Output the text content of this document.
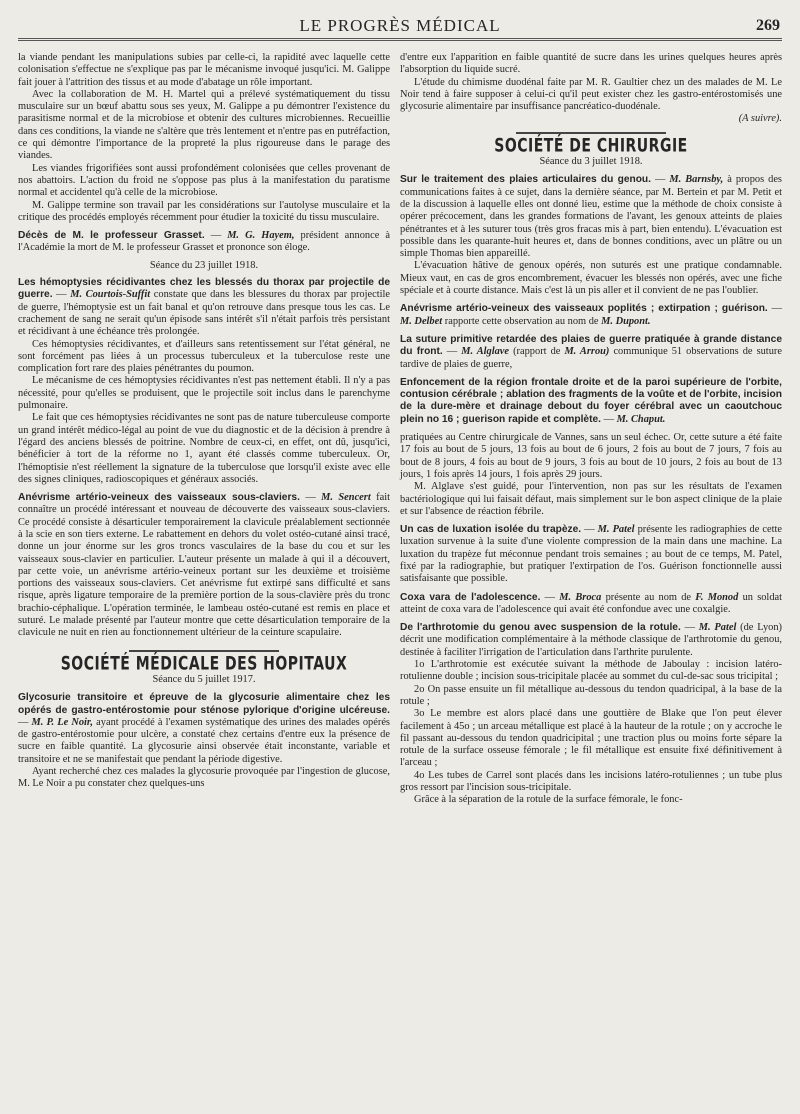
LE PROGRÈS MÉDICAL	269

la viande pendant les manipulations subies par celle-ci, la rapidité avec laquelle cette colonisation s'effectue ne s'explique pas par le mécanisme invoqué jusqu'ici. M. Galippe fait jouer à l'attrition des tissus et au mode d'abatage un rôle important.

Avec la collaboration de M. H. Martel qui a prélevé systématiquement du tissu musculaire sur un bœuf abattu sous ses yeux, M. Galippe a pu démontrer l'existence du parasitisme normal et de la microbiose et obtenir des cultures microbiennes. Recueillie dans ces conditions, la viande ne s'altère que très lentement et n'entre pas en putréfaction, ce qui démontre l'importance de la propreté la plus rigoureuse dans le parage des viandes.

Les viandes frigorifiées sont aussi profondément colonisées que celles provenant de nos abattoirs. L'action du froid ne s'oppose pas plus à la manifestation du paratisme normal et accidentel qu'à celle de la microbiose.

M. Galippe termine son travail par les considérations sur l'autolyse musculaire et la critique des procédés employés récemment pour étudier la toxicité du tissu musculaire.

Décès de M. le professeur Grasset. — M. G. Hayem, président annonce à l'Académie la mort de M. le professeur Grasset et prononce son éloge.

Séance du 23 juillet 1918.

Les hémoptysies récidivantes chez les blessés du thorax par projectile de guerre. — M. Courtois-Suffit constate que dans les blessures du thorax par projectile de guerre, l'hémoptysie est un fait banal et qu'on retrouve dans presque tous les cas. Le crachement de sang ne serait qu'un épisode sans intérêt s'il n'était parfois très persistant et récidivant à une échéance très prolongée.

Ces hémoptysies récidivantes, et d'ailleurs sans retentissement sur l'état général, ne sont forcément pas liées à un processus tuberculeux et la tuberculose reste une complication fort rare des plaies pénétrantes du poumon.

Le mécanisme de ces hémoptysies récidivantes n'est pas nettement établi. Il n'y a pas nécessité, pour qu'elles se produisent, que le projectile soit inclus dans le parenchyme pulmonaire.

Le fait que ces hémoptysies récidivantes ne sont pas de nature tuberculeuse comporte un grand intérêt médico-légal au point de vue du diagnostic et de la décision à prendre à l'égard des anciens blessés de poitrine. Nombre de ceux-ci, en effet, ont dû, jusqu'ici, bénéficier à tort de la réforme no 1, ayant été classés comme tuberculeux. Or, l'hémoptisie n'est réellement la signature de la tuberculose que lorsqu'il existe avec elle des signes cliniques, radioscopiques et généraux associés.

Anévrisme artério-veineux des vaisseaux sous-claviers. — M. Sencert fait connaître un procédé intéressant et nouveau de découverte des vaisseaux sous-claviers. Ce procédé consiste à désarticuler temporairement la clavicule préalablement sectionnée à la scie en son tiers externe. Le rabattement en dehors du volet ostéo-cutané ainsi tracé, donne un jour énorme sur les gros troncs vasculaires de la base du cou et sur les vaisseaux sous-clavier en particulier. L'auteur présente un malade à qui il a découvert, par cette voie, un anévrisme artério-veineux portant sur les deuxième et troisième portions des vaisseaux sous-claviers. Cet anévrisme fut extirpé sans difficulté et sans risque, après ligature temporaire de la première portion de la sous-clavière près du tronc brachio-céphalique. L'opération terminée, le lambeau ostéo-cutané est remis en place et suturé. Le malade présenté par l'auteur montre que cette désarticulation temporaire de la clavicule ne nuit en rien au fonctionnement ultérieur de la ceinture scapulaire.

SOCIÉTÉ MÉDICALE DES HOPITAUX
Séance du 5 juillet 1917.

Glycosurie transitoire et épreuve de la glycosurie alimentaire chez les opérés de gastro-entérostomie pour sténose pylorique d'origine ulcéreuse. — M. P. Le Noir, ayant procédé à l'examen systématique des urines des malades opérés de gastro-entérostomie pour ulcère, a constaté chez certains d'entre eux la présence de sucre en faible quantité. La glycosurie ainsi observée était inconstante, variable et transitoire et ne se manifestait que pendant la période digestive.

Ayant recherché chez ces malades la glycosurie provoquée par l'ingestion de glucose, M. Le Noir a pu constater chez quelques-uns

d'entre eux l'apparition en faible quantité de sucre dans les urines quelques heures après l'absorption du liquide sucré.

L'étude du chimisme duodénal faite par M. R. Gaultier chez un des malades de M. Le Noir tend à faire supposer à celui-ci qu'il peut exister chez les gastro-entérostomisés une glycosurie alimentaire par insuffisance pancréatico-duodénale.

(A suivre).

SOCIÉTÉ DE CHIRURGIE
Séance du 3 juillet 1918.

Sur le traitement des plaies articulaires du genou. — M. Barnsby, à propos des communications faites à ce sujet, dans la dernière séance, par M. Bertein et par M. Petit et de la discussion à laquelle elles ont donné lieu, estime que la méthode de choix consiste à opérer précocement, dans les grandes formations de l'avant, les genoux atteints de plaies pénétrantes et à les suturer tous (très gros fracas mis à part, bien entendu). L'évacuation est possible dans les quarante-huit heures et, dans de bonnes conditions, avec un plâtre ou un simple Thomas bien appareillé.

L'évacuation hâtive de genoux opérés, non suturés est une pratique condamnable. Mieux vaut, en cas de gros encombrement, évacuer les blessés non opérés, avec une fiche spéciale et à courte distance. Mais c'est là un pis aller et il convient de ne pas l'oublier.

Anévrisme artério-veineux des vaisseaux poplités ; extirpation ; guérison. — M. Delbet rapporte cette observation au nom de M. Dupont.

La suture primitive retardée des plaies de guerre pratiquée à grande distance du front. — M. Alglave (rapport de M. Arrou) communique 51 observations de suture tardive de plaies de guerre,

Enfoncement de la région frontale droite et de la paroi supérieure de l'orbite, contusion cérébrale ; ablation des fragments de la voûte et de l'orbite, incision de la dure-mère et drainage debout du foyer cérébral avec un caoutchouc plein no 16 ; guerison rapide et complète. — M. Chaput.

pratiquées au Centre chirurgicale de Vannes, sans un seul échec. Or, cette suture a été faite 17 fois au bout de 5 jours, 13 fois au bout de 6 jours, 2 fois au bout de 7 jours, 7 fois au bout de 8 jours, 4 fois au bout de 9 jours, 3 fois au bout de 10 jours, 2 fois au bout de 13 jours, 1 fois après 14 jours, 1 fois après 29 jours.

M. Alglave s'est guidé, pour l'intervention, non pas sur les résultats de l'examen bactériologique qui lui faisait défaut, mais simplement sur le bon aspect clinique de la plaie et sur l'absence de réaction fébrile.

Un cas de luxation isolée du trapèze. — M. Patel présente les radiographies de cette luxation survenue à la suite d'une violente compression de la main dans une machine. La luxation du trapèze fut méconnue pendant trois semaines ; au bout de ce temps, M. Patel, fixé par la radiographie, but pratiquer l'extirpation de l'os. Guérison fonctionnelle aussi satisfaisante que possible.

Coxa vara de l'adolescence. — M. Broca présente au nom de F. Monod un soldat atteint de coxa vara de l'adolescence qui avait été confondue avec une coxalgie.

De l'arthrotomie du genou avec suspension de la rotule. — M. Patel (de Lyon) décrit une modification complémentaire à la méthode classique de l'arthrotomie du genou, destinée à faciliter l'irrigation de l'articulation dans l'arthrite purulente.

1o L'arthrotomie est exécutée suivant la méthode de Jaboulay : incision latéro-rotulienne double ; incision sous-tricipitale placée au sommet du cul-de-sac sous tricipital ;

2o On passe ensuite un fil métallique au-dessous du tendon quadricipal, à la base de la rotule ;

3o Le membre est alors placé dans une gouttière de Blake que l'on peut élever facilement à 45o ; un arceau métallique est placé à la hauteur de la rotule ; on y accroche le fil passant au-dessous du tendon quadricipital ; une traction plus ou moins forte sépare la rotule de la surface osseuse fémorale ; le fil métallique est ensuite fixé définitivement à l'arceau ;

4o Les tubes de Carrel sont placés dans les incisions latéro-rotuliennes ; un tube plus gros ressort par l'incision sous-tricipitale.

Grâce à la séparation de la rotule de la surface fémorale, le fonc-
